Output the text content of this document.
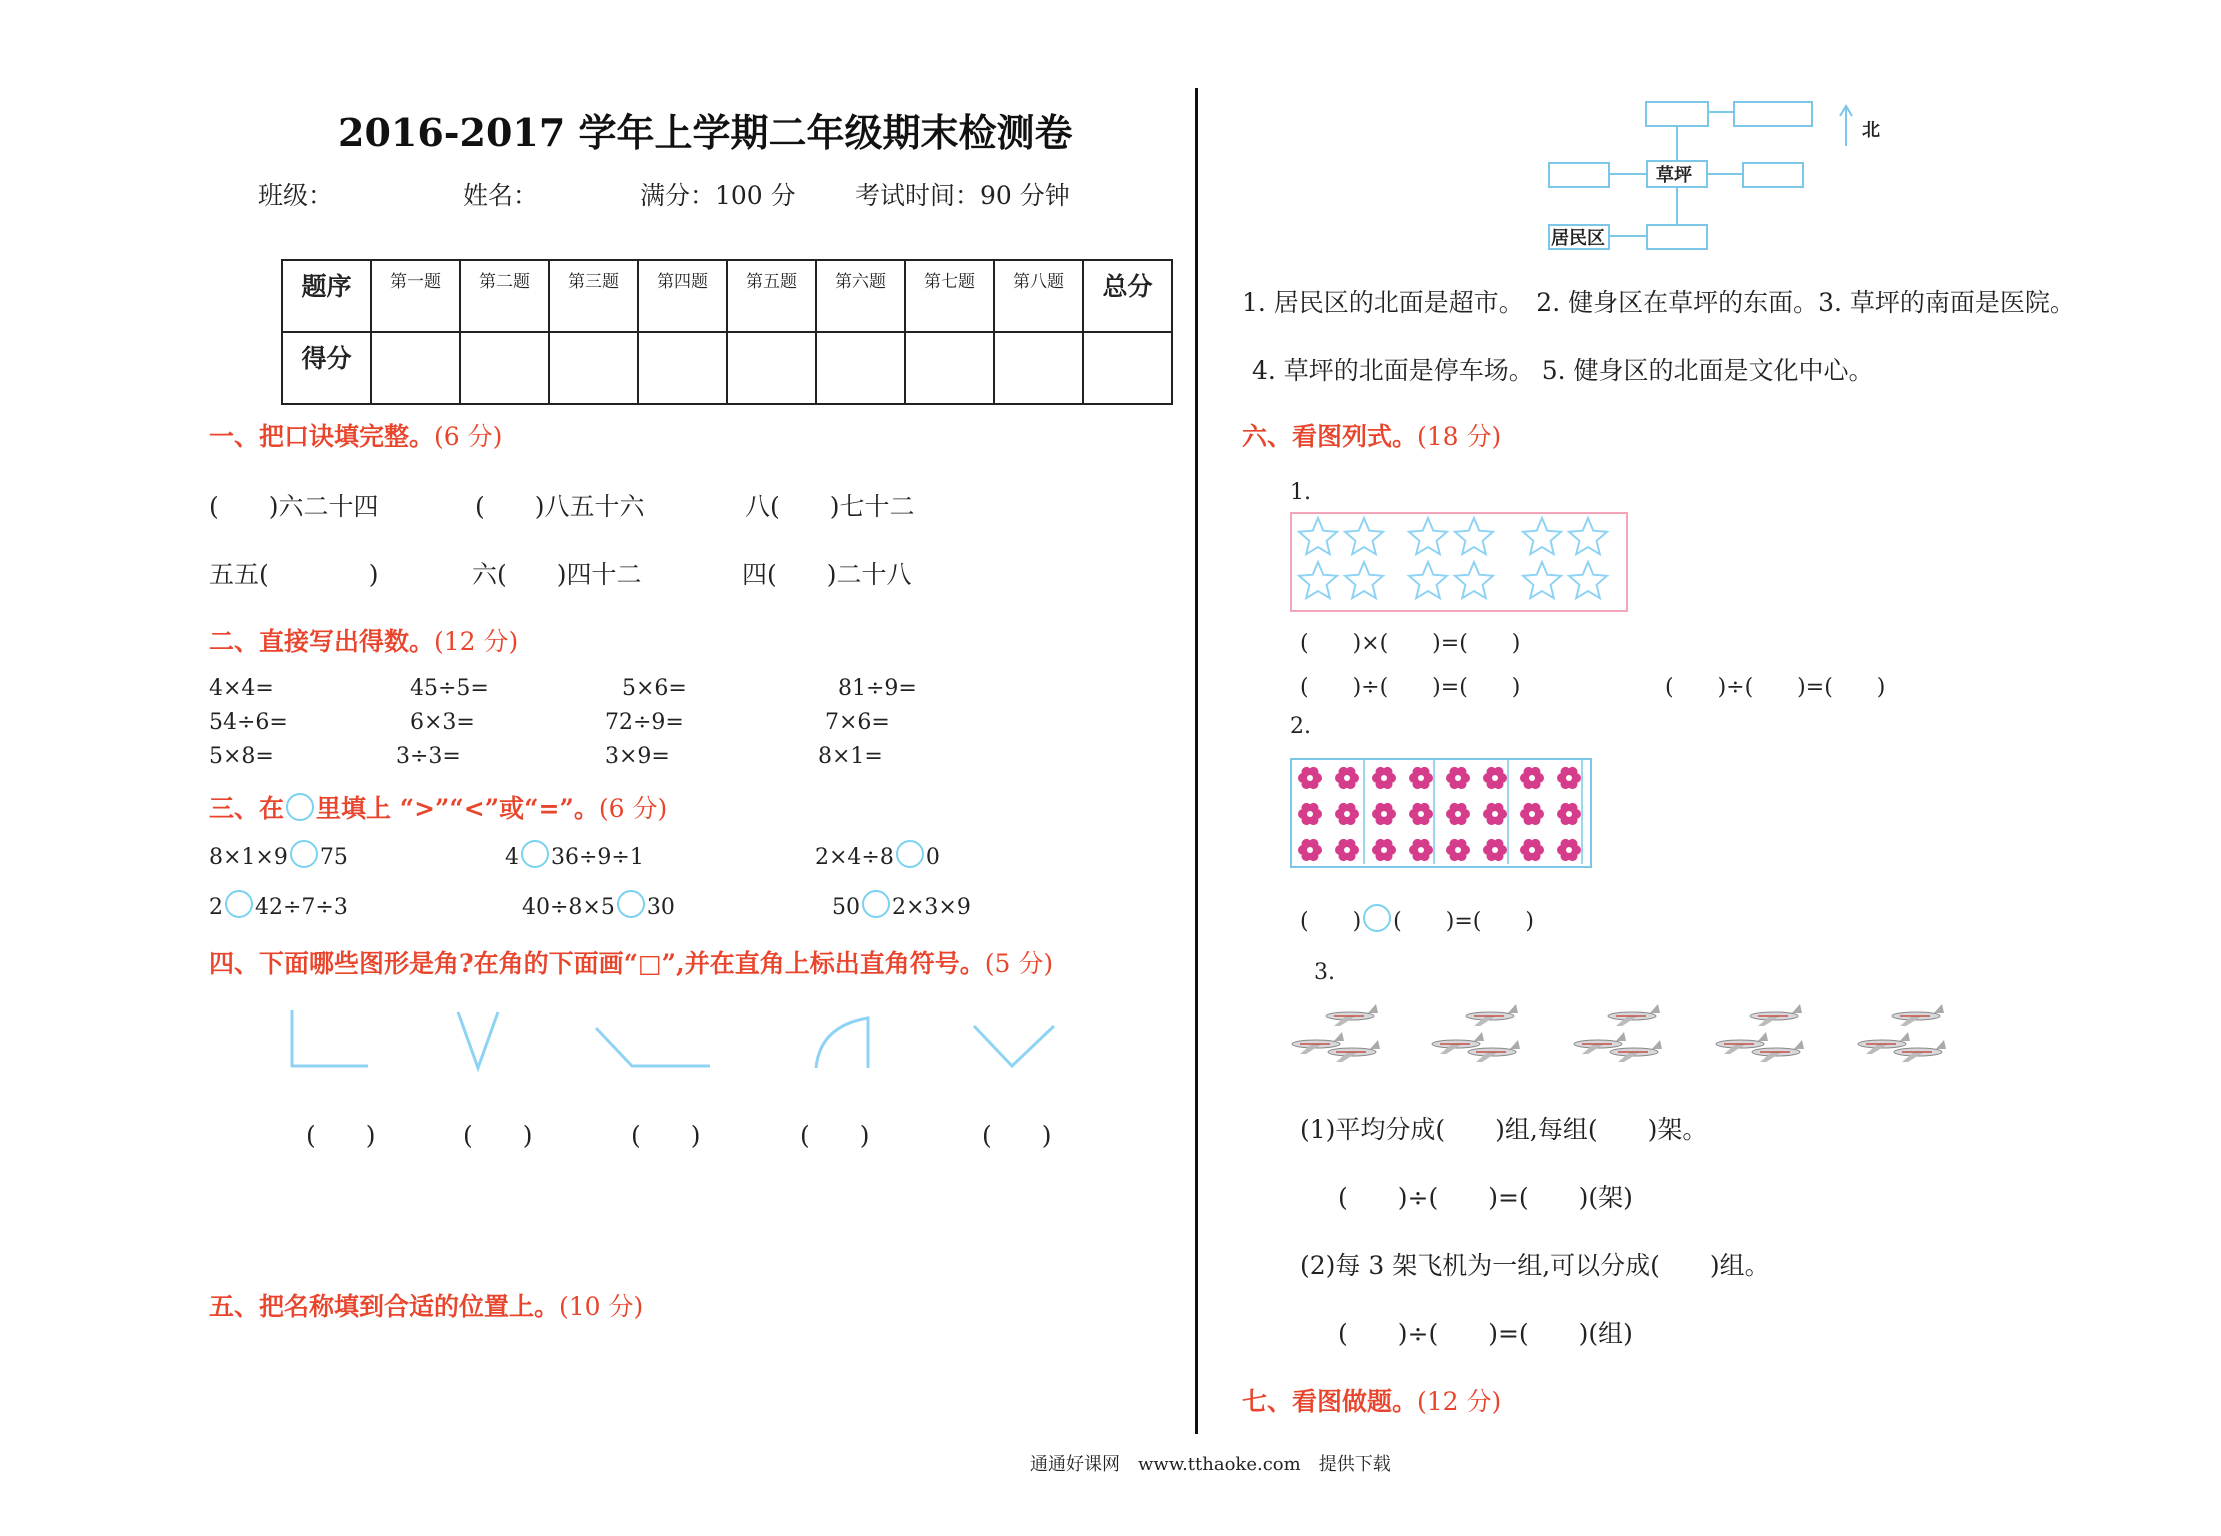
2016-2017 学年上学期二年级期末检测卷
班级：	姓名：	满分：100 分 考试时间：90 分钟
题序	第一题	第二题	第三题	第四题	第五题	第六题	第七题	第八题	总分
得分									
一、把口诀填完整。(6 分)
(　　)六二十四	(　　)八五十六	八(　　)七十二
五五(　　　　)	六(　　)四十二	四(　　)二十八
二、直接写出得数。(12 分)
4×4=	45÷5=	5×6=	81÷9=
54÷6=	6×3=	72÷9=	7×6=
5×8=	3÷3=	3×9=	8×1=
三、在 里填上 “>”“<”或“=”。(6 分)
8×1×9 75	4 36÷9÷1	2×4÷8 0
2 42÷7÷3	40÷8×5 30	50 2×3×9
四、下面哪些图形是角?在角的下面画“□”,并在直角上标出直角符号。(5 分)
(　　)	(　　)	(　　)	(　　)	(　　)
五、把名称填到合适的位置上。(10 分)
草坪
居民区
北
1. 居民区的北面是超市。　2. 健身区在草坪的东面。3. 草坪的南面是医院。
4. 草坪的北面是停车场。 5. 健身区的北面是文化中心。
六、看图列式。(18 分)
1.
(　　)×(　　)=(　　)
(　　)÷(　　)=(　　)	(　　)÷(　　)=(　　)
2.
(　　) (　　)=(　　)
3.
(1)平均分成(　　)组,每组(　　)架。
(　　)÷(　　)=(　　)(架)
(2)每 3 架飞机为一组,可以分成(　　)组。
(　　)÷(　　)=(　　)(组)
七、看图做题。(12 分)
通通好课网　www.tthaoke.com　提供下载
